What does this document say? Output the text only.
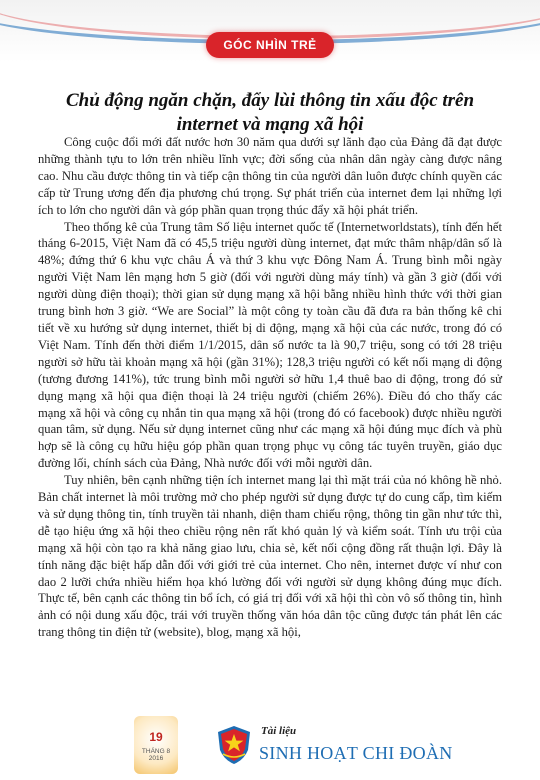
GÓC NHÌN TRẺ
Chủ động ngăn chặn, đẩy lùi thông tin xấu độc trên internet và mạng xã hội

Công cuộc đổi mới đất nước hơn 30 năm qua dưới sự lãnh đạo của Đảng đã đạt được những thành tựu to lớn trên nhiều lĩnh vực; đời sống của nhân dân ngày càng được nâng cao. Nhu cầu được thông tin và tiếp cận thông tin của người dân luôn được chính quyền các cấp từ Trung ương đến địa phương chú trọng. Sự phát triển của internet đem lại những lợi ích to lớn cho người dân và góp phần quan trọng thúc đẩy xã hội phát triển.

Theo thống kê của Trung tâm Số liệu internet quốc tế (Internetworldstats), tính đến hết tháng 6-2015, Việt Nam đã có 45,5 triệu người dùng internet, đạt mức thâm nhập/dân số là 48%; đứng thứ 6 khu vực châu Á và thứ 3 khu vực Đông Nam Á. Trung bình mỗi ngày người Việt Nam lên mạng hơn 5 giờ (đối với người dùng máy tính) và gần 3 giờ (đối với người dùng điện thoại); thời gian sử dụng mạng xã hội bằng nhiều hình thức với thời gian trung bình hơn 3 giờ. “We are Social” là một công ty toàn cầu đã đưa ra bản thống kê chi tiết về xu hướng sử dụng internet, thiết bị di động, mạng xã hội của các nước, trong đó có Việt Nam. Tính đến thời điểm 1/1/2015, dân số nước ta là 90,7 triệu, song có tới 28 triệu người sở hữu tài khoản mạng xã hội (gần 31%); 128,3 triệu người có kết nối mạng di động (tương đương 141%), tức trung bình mỗi người sở hữu 1,4 thuê bao di động, trong đó sử dụng mạng xã hội qua điện thoại là 24 triệu người (chiếm 26%). Điều đó cho thấy các mạng xã hội và công cụ nhắn tin qua mạng xã hội (trong đó có facebook) được nhiều người quan tâm, sử dụng. Nếu sử dụng internet cũng như các mạng xã hội đúng mục đích và phù hợp sẽ là công cụ hữu hiệu góp phần quan trọng phục vụ công tác tuyên truyền, giáo dục đường lối, chính sách của Đảng, Nhà nước đối với mỗi người dân.

Tuy nhiên, bên cạnh những tiện ích internet mang lại thì mặt trái của nó không hề nhỏ. Bản chất internet là môi trường mở cho phép người sử dụng được tự do cung cấp, tìm kiếm và sử dụng thông tin, tính truyền tải nhanh, diện tham chiếu rộng, thông tin gần như tức thì, dễ tạo hiệu ứng xã hội theo chiều rộng nên rất khó quản lý và kiểm soát. Tính ưu trội của mạng xã hội còn tạo ra khả năng giao lưu, chia sẻ, kết nối cộng đồng rất thuận lợi. Đây là tính năng đặc biệt hấp dẫn đối với giới trẻ của internet. Cho nên, internet được ví như con dao 2 lưỡi chứa nhiều hiểm họa khó lường đối với người sử dụng không đúng mục đích. Thực tế, bên cạnh các thông tin bổ ích, có giá trị đối với xã hội thì còn vô số thông tin, hình ảnh có nội dung xấu độc, trái với truyền thống văn hóa dân tộc cũng được tán phát lên các trang thông tin điện tử (website), blog, mạng xã hội,

19
THÁNG 8
2016
Tài liệu
SINH HOẠT CHI ĐOÀN
